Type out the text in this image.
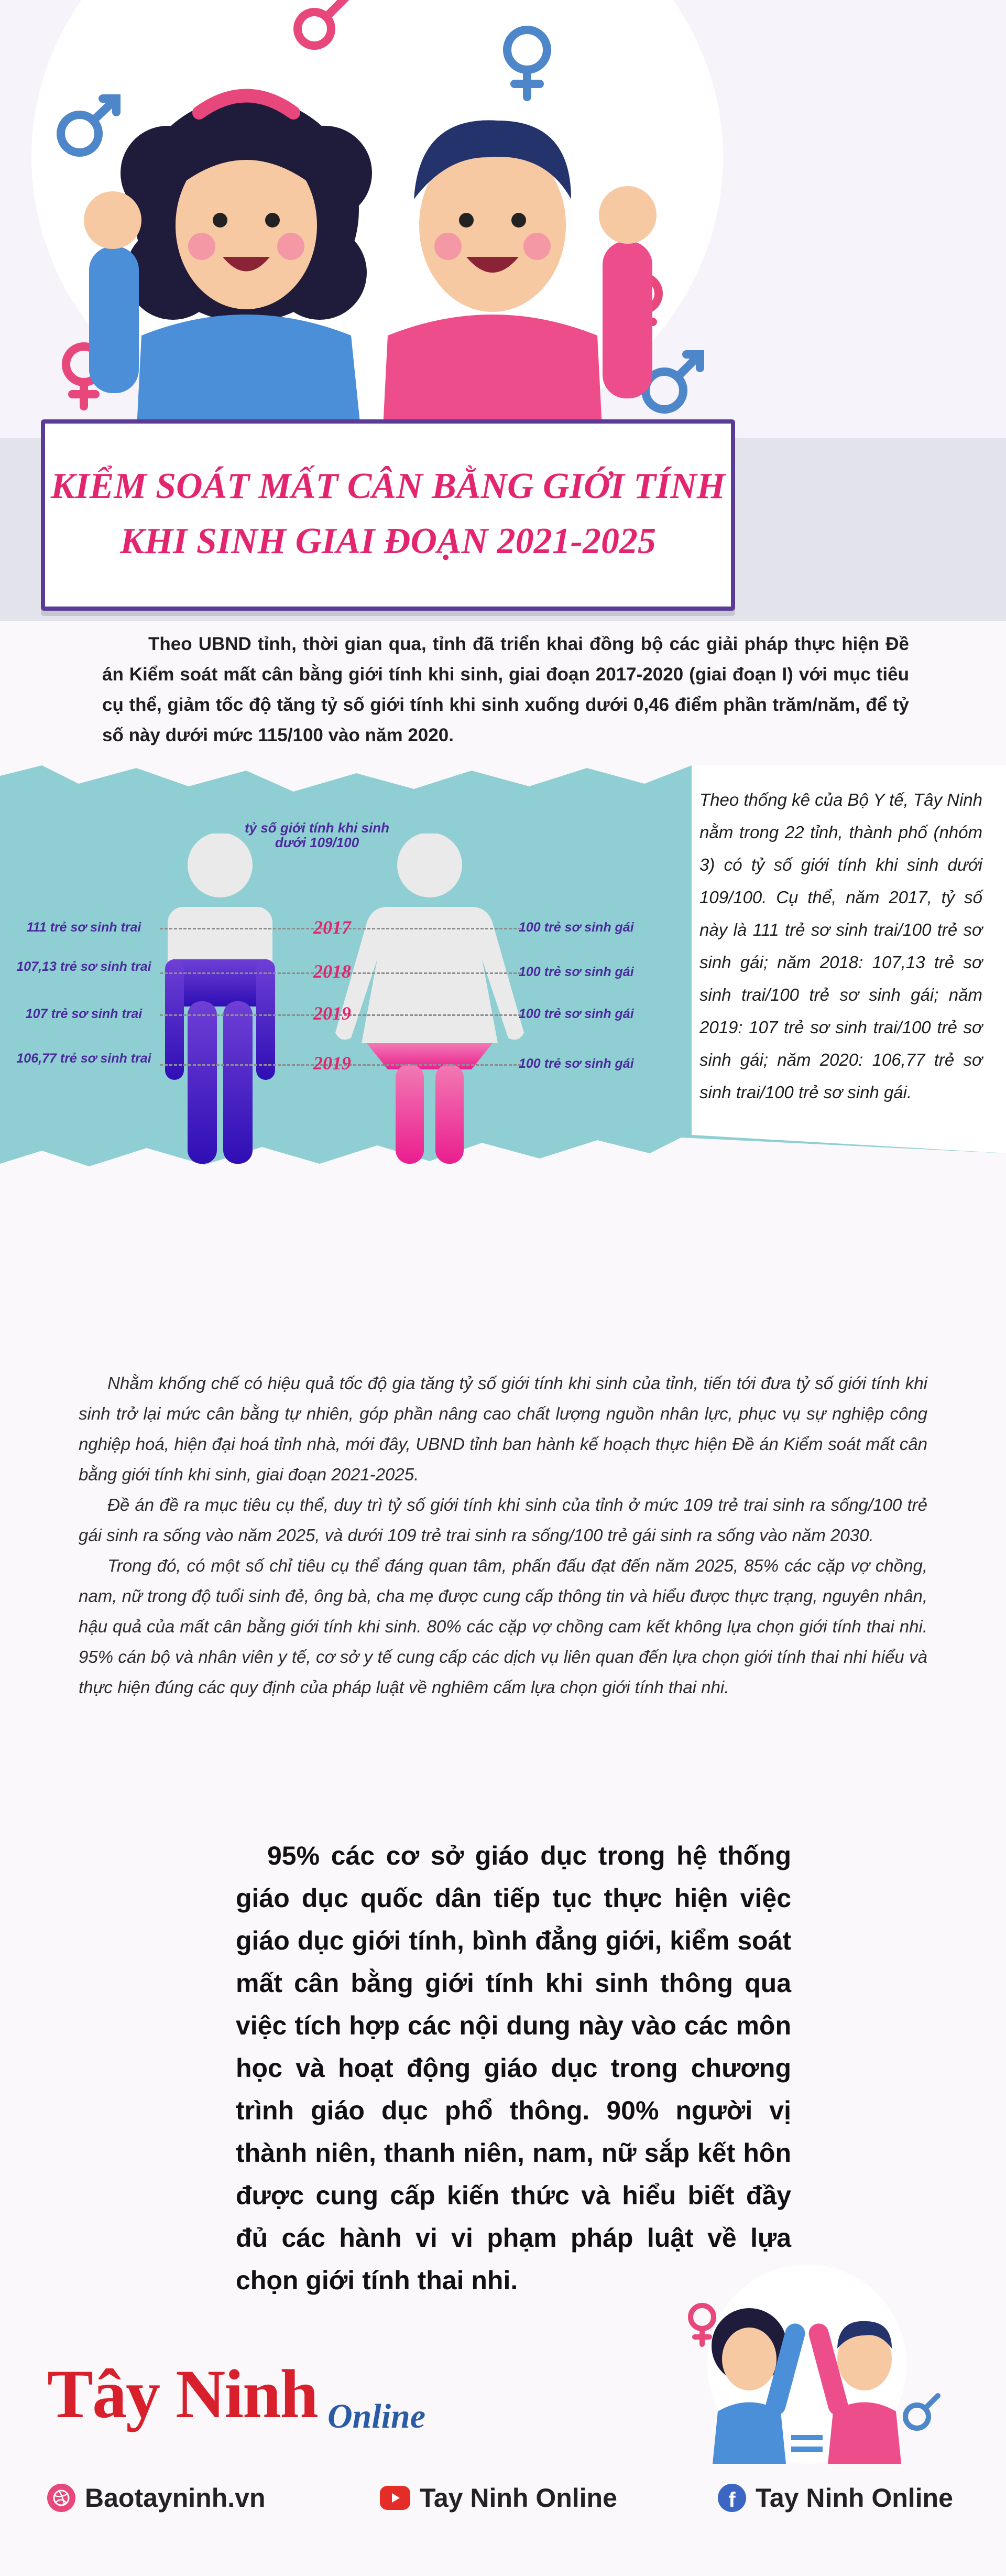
KIỂM SOÁT MẤT CÂN BẰNG GIỚI TÍNH
KHI SINH GIAI ĐOẠN 2021-2025
Theo UBND tỉnh, thời gian qua, tỉnh đã triển khai đồng bộ các giải pháp thực hiện Đề án Kiểm soát mất cân bằng giới tính khi sinh, giai đoạn 2017-2020 (giai đoạn I) với mục tiêu cụ thể, giảm tốc độ tăng tỷ số giới tính khi sinh xuống dưới 0,46 điểm phần trăm/năm, để tỷ số này dưới mức 115/100 vào năm 2020.
tỷ số giới tính khi sinh dưới 109/100
111 trẻ sơ sinh trai	2017	100 trẻ sơ sinh gái
107,13 trẻ sơ sinh trai	2018	100 trẻ sơ sinh gái
107 trẻ sơ sinh trai	2019	100 trẻ sơ sinh gái
106,77 trẻ sơ sinh trai	2019	100 trẻ sơ sinh gái
Theo thống kê của Bộ Y tế, Tây Ninh nằm trong 22 tỉnh, thành phố (nhóm 3) có tỷ số giới tính khi sinh dưới 109/100. Cụ thể, năm 2017, tỷ số này là 111 trẻ sơ sinh trai/100 trẻ sơ sinh gái; năm 2018: 107,13 trẻ sơ sinh trai/100 trẻ sơ sinh gái; năm 2019: 107 trẻ sơ sinh trai/100 trẻ sơ sinh gái; năm 2020: 106,77 trẻ sơ sinh trai/100 trẻ sơ sinh gái.

Nhằm khống chế có hiệu quả tốc độ gia tăng tỷ số giới tính khi sinh của tỉnh, tiến tới đưa tỷ số giới tính khi sinh trở lại mức cân bằng tự nhiên, góp phần nâng cao chất lượng nguồn nhân lực, phục vụ sự nghiệp công nghiệp hoá, hiện đại hoá tỉnh nhà, mới đây, UBND tỉnh ban hành kế hoạch thực hiện Đề án Kiểm soát mất cân bằng giới tính khi sinh, giai đoạn 2021-2025.

Đề án đề ra mục tiêu cụ thể, duy trì tỷ số giới tính khi sinh của tỉnh ở mức 109 trẻ trai sinh ra sống/100 trẻ gái sinh ra sống vào năm 2025, và dưới 109 trẻ trai sinh ra sống/100 trẻ gái sinh ra sống vào năm 2030.

Trong đó, có một số chỉ tiêu cụ thể đáng quan tâm, phấn đấu đạt đến năm 2025, 85% các cặp vợ chồng, nam, nữ trong độ tuổi sinh đẻ, ông bà, cha mẹ được cung cấp thông tin và hiểu được thực trạng, nguyên nhân, hậu quả của mất cân bằng giới tính khi sinh. 80% các cặp vợ chồng cam kết không lựa chọn giới tính thai nhi. 95% cán bộ và nhân viên y tế, cơ sở y tế cung cấp các dịch vụ liên quan đến lựa chọn giới tính thai nhi hiểu và thực hiện đúng các quy định của pháp luật về nghiêm cấm lựa chọn giới tính thai nhi.

95% các cơ sở giáo dục trong hệ thống giáo dục quốc dân tiếp tục thực hiện việc giáo dục giới tính, bình đẳng giới, kiểm soát mất cân bằng giới tính khi sinh thông qua việc tích hợp các nội dung này vào các môn học và hoạt động giáo dục trong chương trình giáo dục phổ thông. 90% người vị thành niên, thanh niên, nam, nữ sắp kết hôn được cung cấp kiến thức và hiểu biết đầy đủ các hành vi vi phạm pháp luật về lựa chọn giới tính thai nhi.
Tây Ninh Online
Baotayninh.vn	Tay Ninh Online	f Tay Ninh Online
